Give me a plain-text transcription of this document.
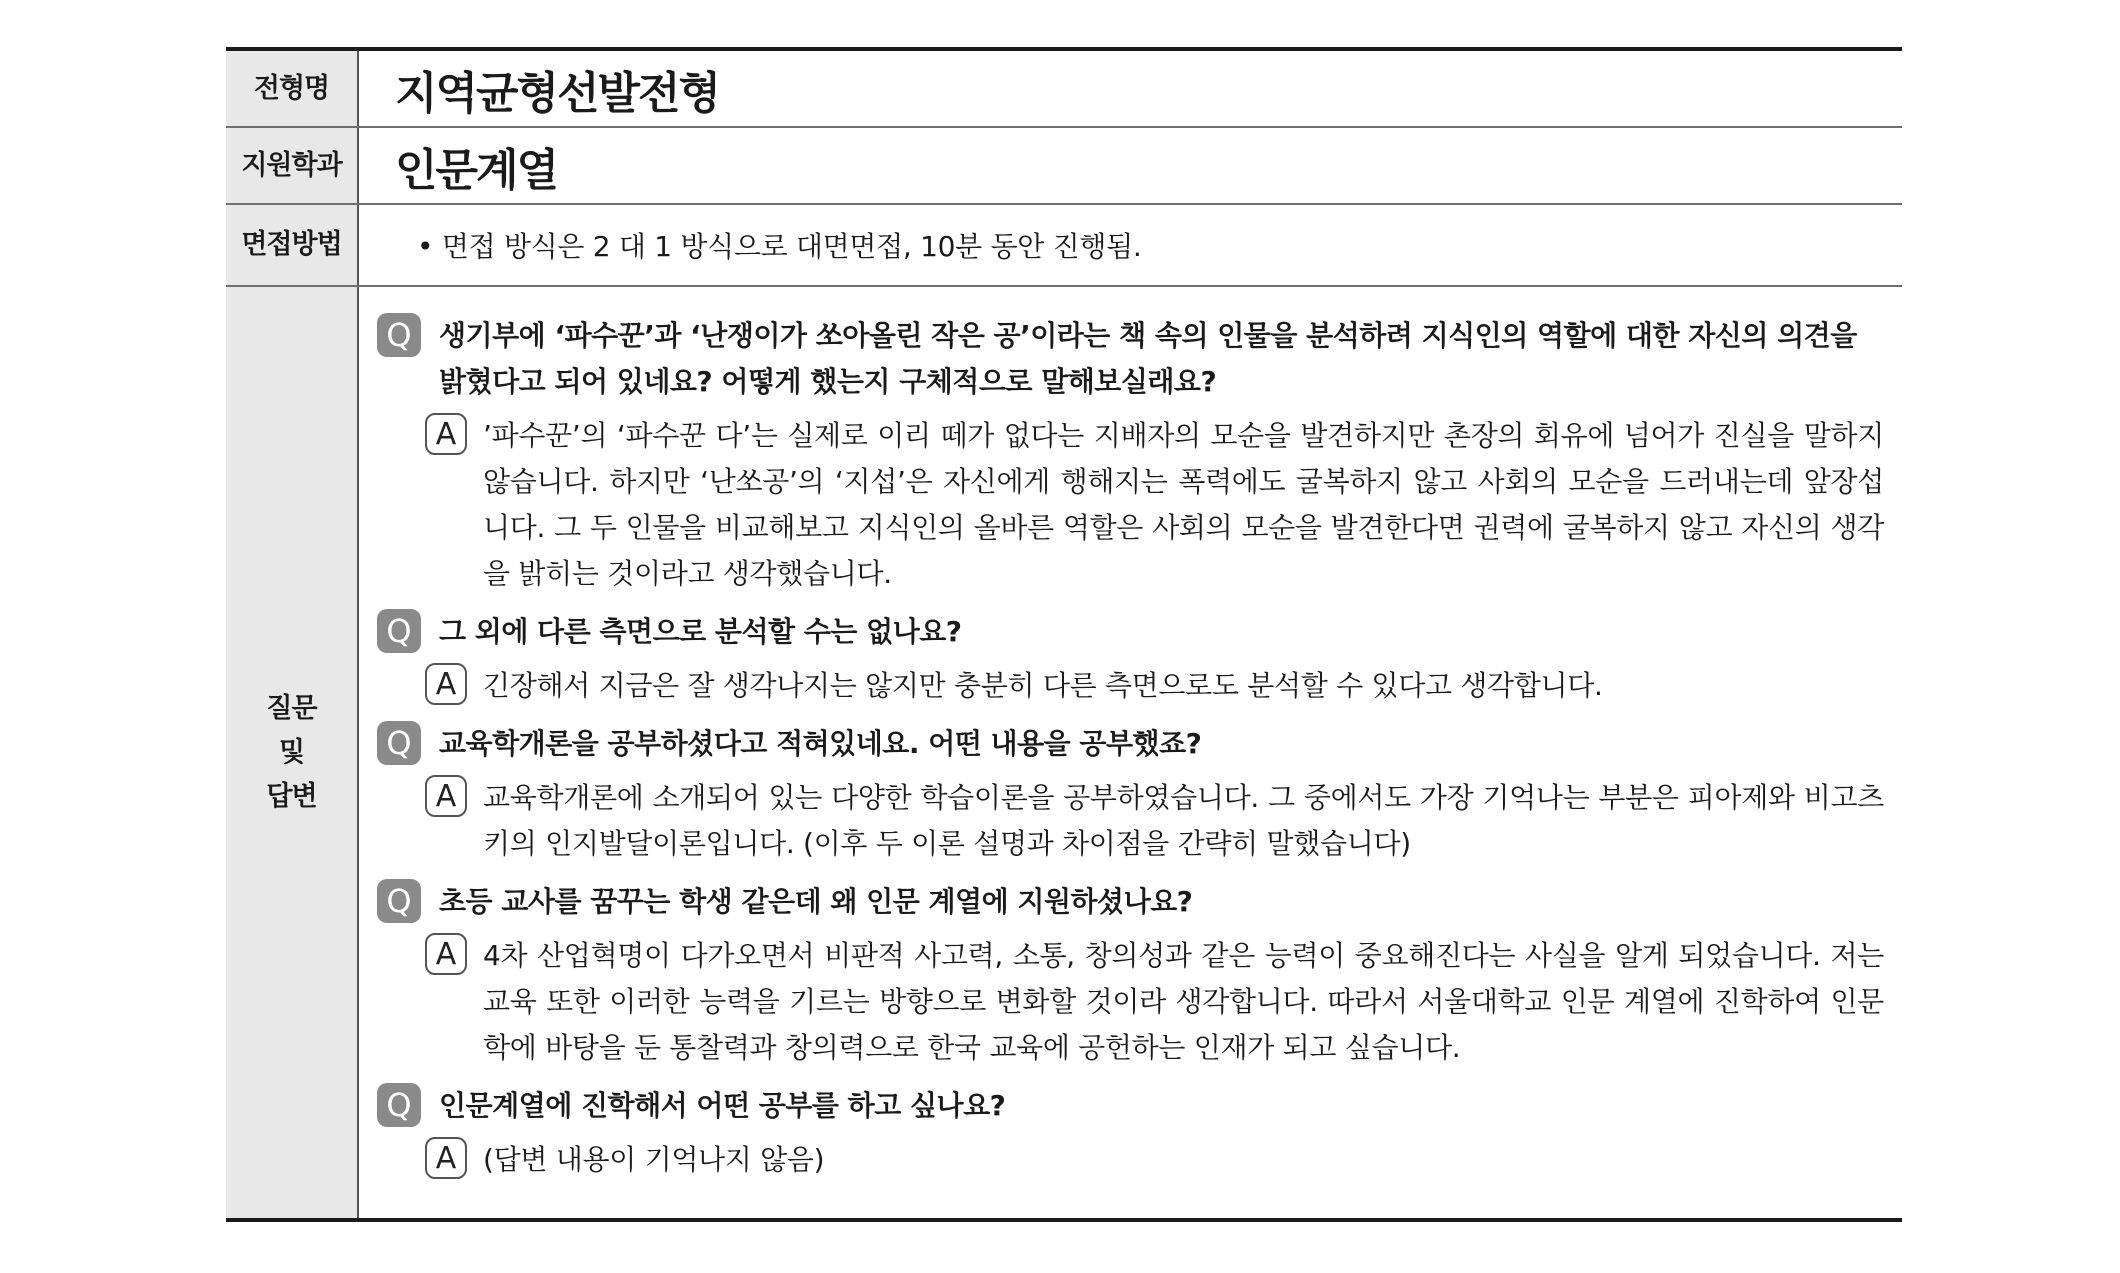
전형명	지역균형선발전형
지원학과	인문계열
면접방법	• 면접 방식은 2 대 1 방식으로 대면면접, 10분 동안 진행됨.
질문
및
답변
Q 생기부에 ‘파수꾼’과 ‘난쟁이가 쏘아올린 작은 공’이라는 책 속의 인물을 분석하려 지식인의 역할에 대한 자신의 의견을 밝혔다고 되어 있네요? 어떻게 했는지 구체적으로 말해보실래요?
A ’파수꾼’의 ‘파수꾼 다’는 실제로 이리 떼가 없다는 지배자의 모순을 발견하지만 촌장의 회유에 넘어가 진실을 말하지 않습니다. 하지만 ‘난쏘공’의 ‘지섭’은 자신에게 행해지는 폭력에도 굴복하지 않고 사회의 모순을 드러내는데 앞장섭니다. 그 두 인물을 비교해보고 지식인의 올바른 역할은 사회의 모순을 발견한다면 권력에 굴복하지 않고 자신의 생각을 밝히는 것이라고 생각했습니다.
Q 그 외에 다른 측면으로 분석할 수는 없나요?
A 긴장해서 지금은 잘 생각나지는 않지만 충분히 다른 측면으로도 분석할 수 있다고 생각합니다.
Q 교육학개론을 공부하셨다고 적혀있네요. 어떤 내용을 공부했죠?
A 교육학개론에 소개되어 있는 다양한 학습이론을 공부하였습니다. 그 중에서도 가장 기억나는 부분은 피아제와 비고츠키의 인지발달이론입니다. (이후 두 이론 설명과 차이점을 간략히 말했습니다)
Q 초등 교사를 꿈꾸는 학생 같은데 왜 인문 계열에 지원하셨나요?
A 4차 산업혁명이 다가오면서 비판적 사고력, 소통, 창의성과 같은 능력이 중요해진다는 사실을 알게 되었습니다. 저는 교육 또한 이러한 능력을 기르는 방향으로 변화할 것이라 생각합니다. 따라서 서울대학교 인문 계열에 진학하여 인문학에 바탕을 둔 통찰력과 창의력으로 한국 교육에 공헌하는 인재가 되고 싶습니다.
Q 인문계열에 진학해서 어떤 공부를 하고 싶나요?
A (답변 내용이 기억나지 않음)
